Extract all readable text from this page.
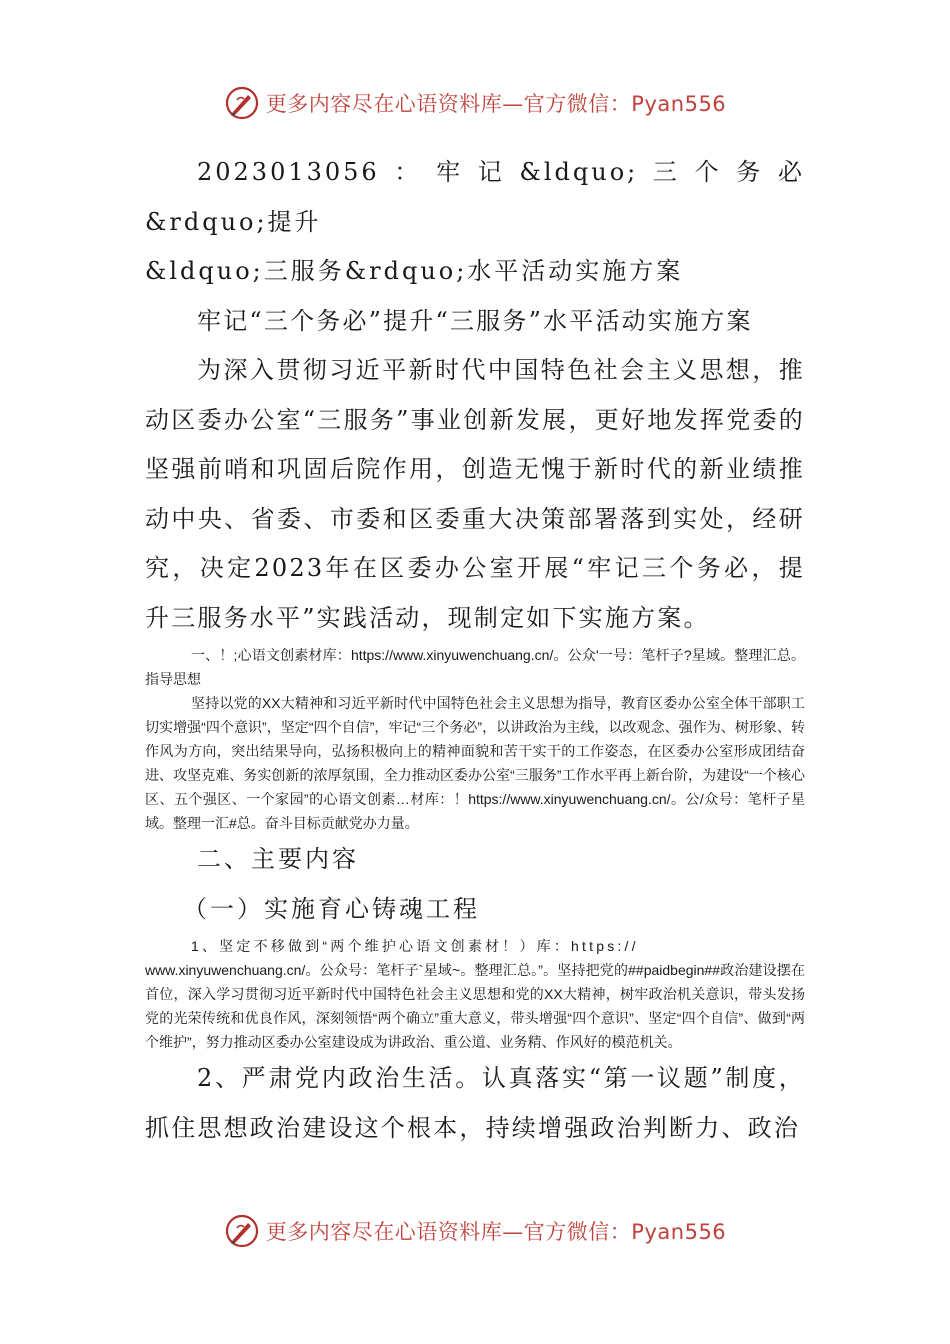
更多内容尽在心语资料库—官方微信：Pyan556

2023013056：牢记&ldquo;三个务必&rdquo;提升

&ldquo;三服务&rdquo;水平活动实施方案

牢记“三个务必”提升“三服务”水平活动实施方案

为深入贯彻习近平新时代中国特色社会主义思想，推动区委办公室“三服务”事业创新发展，更好地发挥党委的坚强前哨和巩固后院作用，创造无愧于新时代的新业绩推动中央、省委、市委和区委重大决策部署落到实处，经研究，决定2023年在区委办公室开展“牢记三个务必，提升三服务水平”实践活动，现制定如下实施方案。

一、！;心语文创素材库：https://www.xinyuwenchuang.cn/。公众'一号：笔杆子?星域。整理汇总。指导思想

坚持以党的XX大精神和习近平新时代中国特色社会主义思想为指导，教育区委办公室全体干部职工切实增强“四个意识”，坚定“四个自信”，牢记“三个务必”，以讲政治为主线，以改观念、强作为、树形象、转作风为方向，突出结果导向，弘扬积极向上的精神面貌和苦干实干的工作姿态，在区委办公室形成团结奋进、攻坚克难、务实创新的浓厚氛围，全力推动区委办公室“三服务”工作水平再上新台阶，为建设“一个核心区、五个强区、一个家园”的心语文创素…材库：！https://www.xinyuwenchuang.cn/。公/众号：笔杆子星域。整理一汇#总。奋斗目标贡献党办力量。

二、主要内容

（一）实施育心铸魂工程

1、坚定不移做到“两个维护心语文创素材！）库：https://

www.xinyuwenchuang.cn/。公众号：笔杆子`星域~。整理汇总。”。坚持把党的##paidbegin##政治建设摆在首位，深入学习贯彻习近平新时代中国特色社会主义思想和党的XX大精神，树牢政治机关意识，带头发扬党的光荣传统和优良作风，深刻领悟“两个确立”重大意义，带头增强“四个意识”、坚定“四个自信”、做到“两个维护”，努力推动区委办公室建设成为讲政治、重公道、业务精、作风好的模范机关。

2、严肃党内政治生活。认真落实“第一议题”制度，抓住思想政治建设这个根本，持续增强政治判断力、政治

更多内容尽在心语资料库—官方微信：Pyan556
